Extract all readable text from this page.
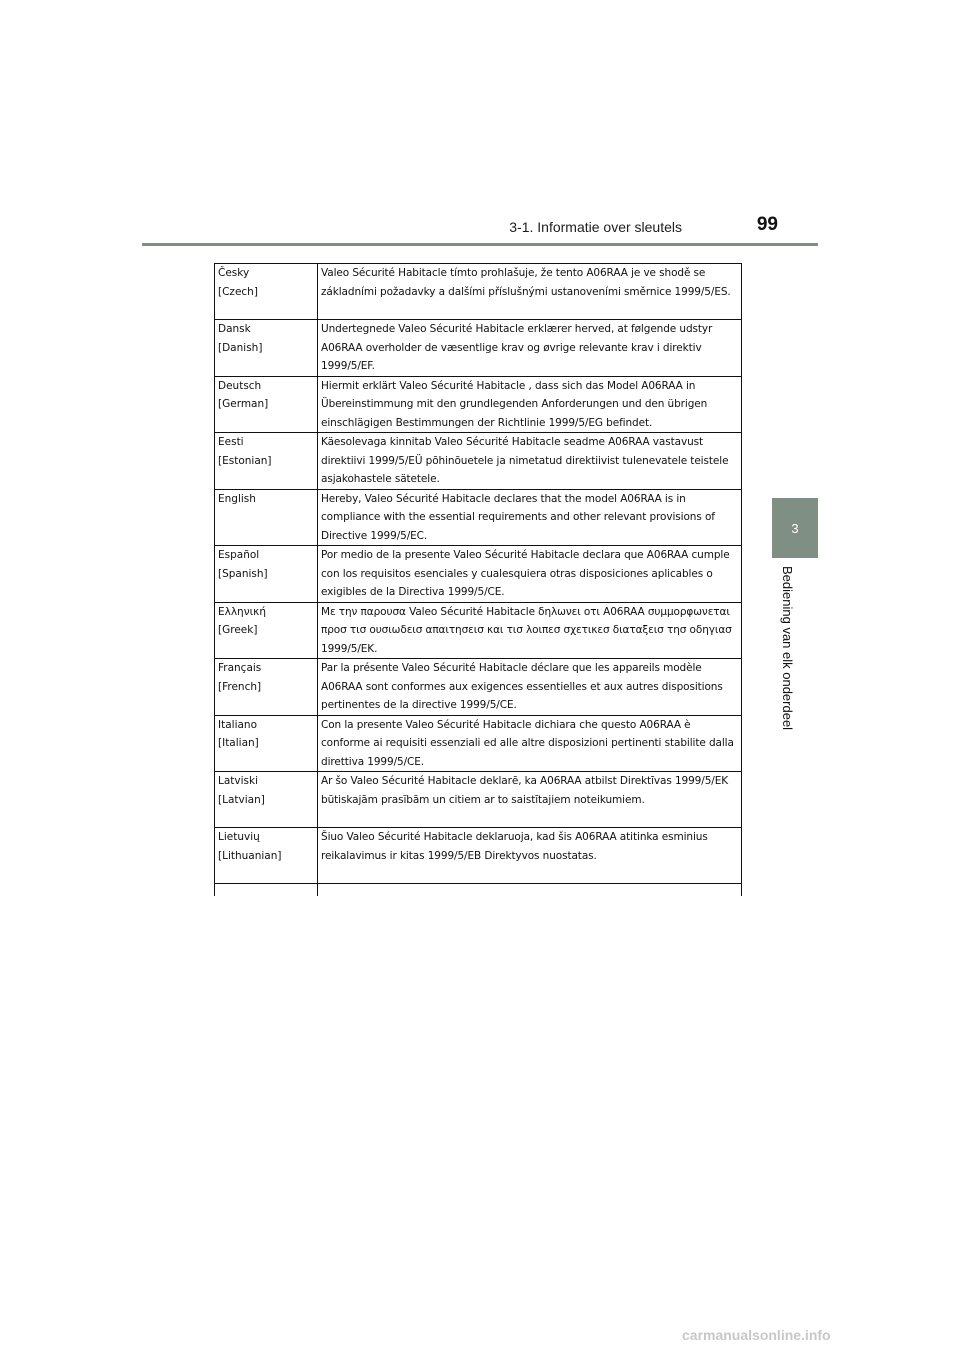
3-1. Informatie over sleutels	99
3
Bediening van elk onderdeel
Česky
[Czech]	Valeo Sécurité Habitacle tímto prohlašuje, že tento A06RAA je ve shodě se základními požadavky a dalšími příslušnými ustanoveními směrnice 1999/5/ES.

Dansk
[Danish]	Undertegnede Valeo Sécurité Habitacle erklærer herved, at følgende udstyr A06RAA overholder de væsentlige krav og øvrige relevante krav i direktiv 1999/5/EF.

Deutsch
[German]	Hiermit erklärt Valeo Sécurité Habitacle , dass sich das Model A06RAA in Übereinstimmung mit den grundlegenden Anforderungen und den übrigen einschlägigen Bestimmungen der Richtlinie 1999/5/EG befindet.

Eesti
[Estonian]	Käesolevaga kinnitab Valeo Sécurité Habitacle seadme A06RAA vastavust direktiivi 1999/5/EÜ põhinõuetele ja nimetatud direktiivist tulenevatele teistele asjakohastele sätetele.

English	Hereby, Valeo Sécurité Habitacle declares that the model A06RAA is in compliance with the essential requirements and other relevant provisions of Directive 1999/5/EC.

Español
[Spanish]	Por medio de la presente Valeo Sécurité Habitacle declara que A06RAA cumple con los requisitos esenciales y cualesquiera otras disposiciones aplicables o exigibles de la Directiva 1999/5/CE.

Ελληνική
[Greek]	Με την παρουσα Valeo Sécurité Habitacle δηλωνει οτι A06RAA συμμορφωνεται προσ τισ ουσιωδεισ απαιτησεισ και τισ λοιπεσ σχετικεσ διαταξεισ τησ οδηγιασ 1999/5/ΕΚ.

Français
[French]	Par la présente Valeo Sécurité Habitacle déclare que les appareils modèle A06RAA sont conformes aux exigences essentielles et aux autres dispositions pertinentes de la directive 1999/5/CE.

Italiano
[Italian]	Con la presente Valeo Sécurité Habitacle dichiara che questo A06RAA è conforme ai requisiti essenziali ed alle altre disposizioni pertinenti stabilite dalla direttiva 1999/5/CE.

Latviski
[Latvian]	Ar šo Valeo Sécurité Habitacle deklarē, ka A06RAA atbilst Direktīvas 1999/5/EK būtiskajām prasībām un citiem ar to saistītajiem noteikumiem.

Lietuvių
[Lithuanian]	Šiuo Valeo Sécurité Habitacle deklaruoja, kad šis A06RAA atitinka esminius reikalavimus ir kitas 1999/5/EB Direktyvos nuostatas.

carmanualsonline.info
